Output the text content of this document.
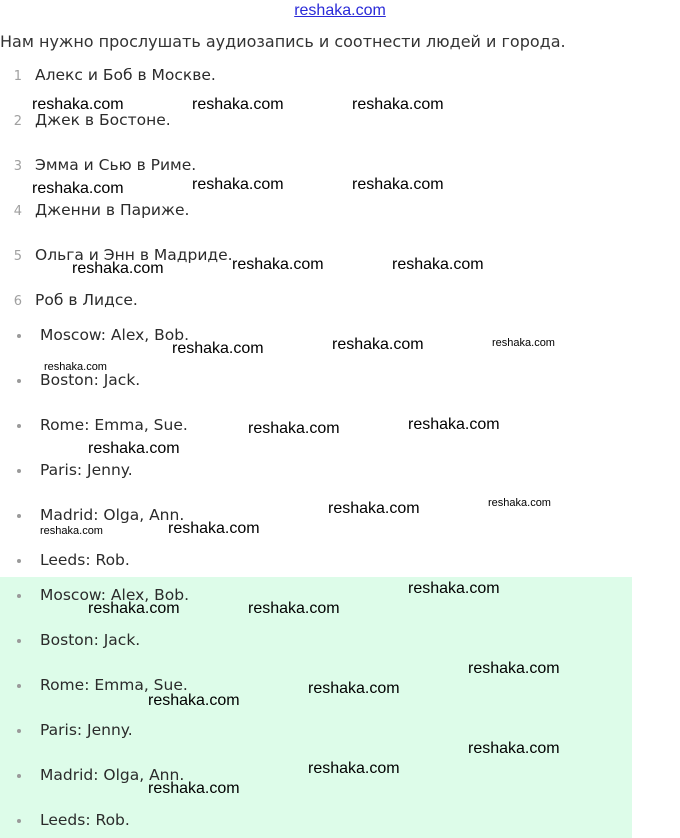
reshaka.com
Нам нужно прослушать аудиозапись и соотнести людей и города.
1 Алекс и Боб в Москве.
2 Джек в Бостоне.
3 Эмма и Сью в Риме.
4 Дженни в Париже.
5 Ольга и Энн в Мадриде.
6 Роб в Лидсе.
Moscow: Alex, Bob.
Boston: Jack.
Rome: Emma, Sue.
Paris: Jenny.
Madrid: Olga, Ann.
Leeds: Rob.
Moscow: Alex, Bob.
Boston: Jack.
Rome: Emma, Sue.
Paris: Jenny.
Madrid: Olga, Ann.
Leeds: Rob.
reshaka.com	reshaka.com	reshaka.com
reshaka.com	reshaka.com	reshaka.com
reshaka.com	reshaka.com	reshaka.com
reshaka.com	reshaka.com	reshaka.com
reshaka.com
reshaka.com	reshaka.com
reshaka.com
reshaka.com	reshaka.com
reshaka.com	reshaka.com
reshaka.com
reshaka.com	reshaka.com
reshaka.com
reshaka.com
reshaka.com
reshaka.com
reshaka.com
reshaka.com
